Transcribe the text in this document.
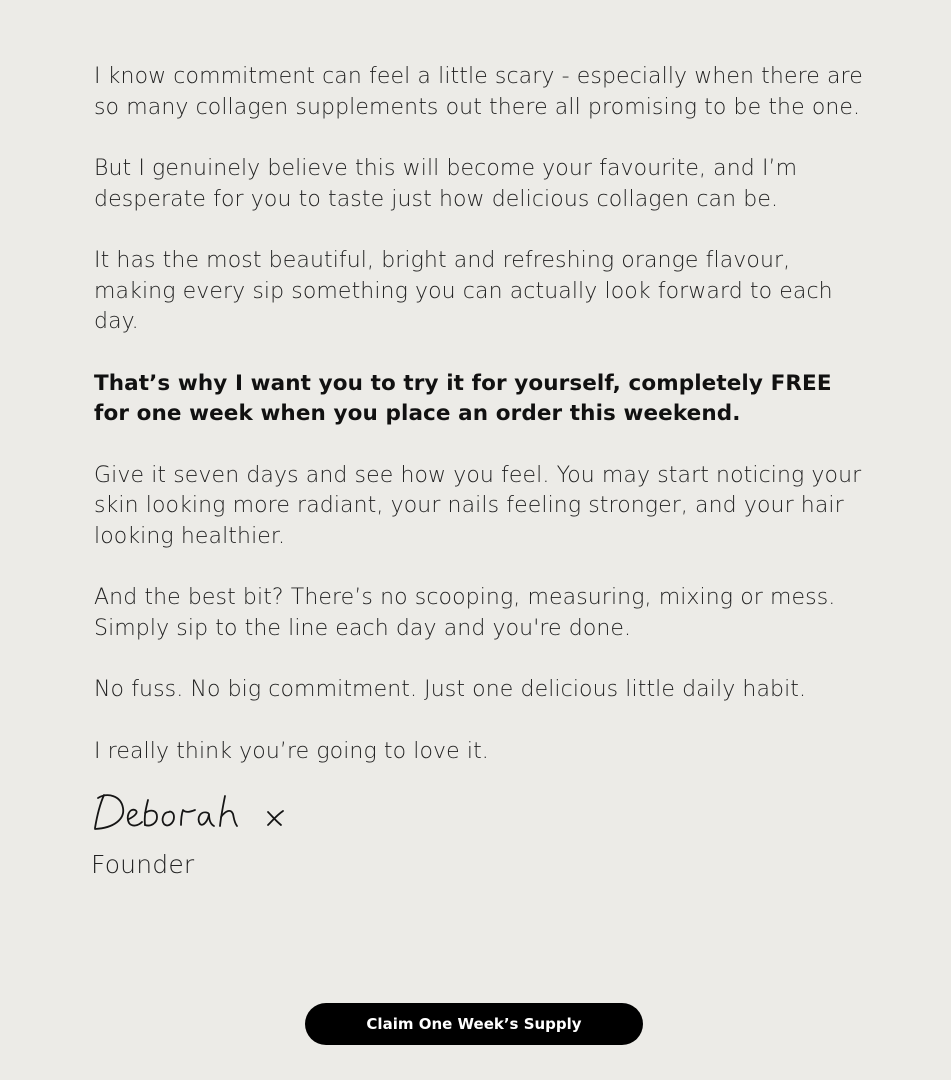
I know commitment can feel a little scary - especially when there are so many collagen supplements out there all promising to be the one.

But I genuinely believe this will become your favourite, and I’m desperate for you to taste just how delicious collagen can be.

It has the most beautiful, bright and refreshing orange flavour, making every sip something you can actually look forward to each day.

That’s why I want you to try it for yourself, completely FREE for one week when you place an order this weekend.

Give it seven days and see how you feel. You may start noticing your skin looking more radiant, your nails feeling stronger, and your hair looking healthier.

And the best bit? There’s no scooping, measuring, mixing or mess. Simply sip to the line each day and you're done.

No fuss. No big commitment. Just one delicious little daily habit.

I really think you’re going to love it.

Founder

Claim One Week’s Supply
